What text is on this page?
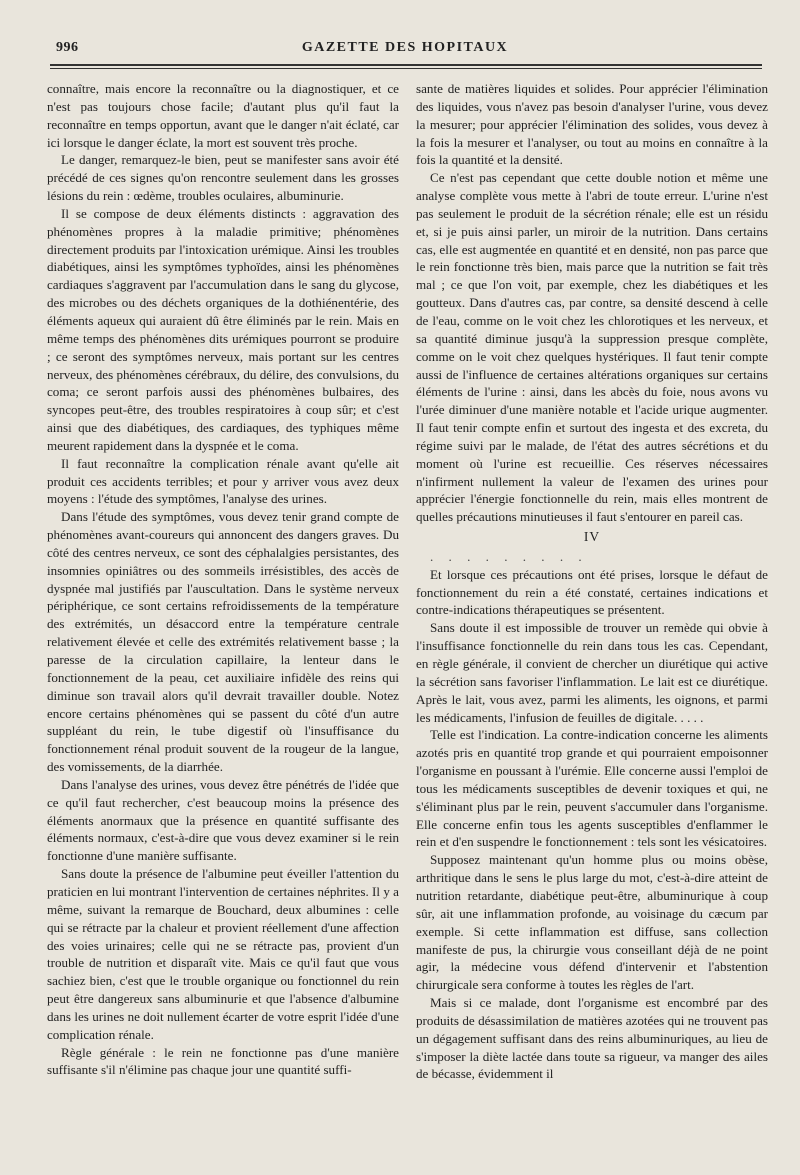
996	GAZETTE DES HOPITAUX

connaître, mais encore la reconnaître ou la diagnostiquer, et ce n'est pas toujours chose facile; d'autant plus qu'il faut la reconnaître en temps opportun, avant que le danger n'ait éclaté, car ici lorsque le danger éclate, la mort est souvent très proche.

Le danger, remarquez-le bien, peut se manifester sans avoir été précédé de ces signes qu'on rencontre seulement dans les grosses lésions du rein : œdème, troubles oculaires, albuminurie.

Il se compose de deux éléments distincts : aggravation des phénomènes propres à la maladie primitive; phénomènes directement produits par l'intoxication urémique. Ainsi les troubles diabétiques, ainsi les symptômes typhoïdes, ainsi les phénomènes cardiaques s'aggravent par l'accumulation dans le sang du glycose, des microbes ou des déchets organiques de la dothiénentérie, des éléments aqueux qui auraient dû être éliminés par le rein. Mais en même temps des phénomènes dits urémiques pourront se produire ; ce seront des symptômes nerveux, mais portant sur les centres nerveux, des phénomènes cérébraux, du délire, des convulsions, du coma; ce seront parfois aussi des phénomènes bulbaires, des syncopes peut-être, des troubles respiratoires à coup sûr; et c'est ainsi que des diabétiques, des cardiaques, des typhiques même meurent rapidement dans la dyspnée et le coma.

Il faut reconnaître la complication rénale avant qu'elle ait produit ces accidents terribles; et pour y arriver vous avez deux moyens : l'étude des symptômes, l'analyse des urines.

Dans l'étude des symptômes, vous devez tenir grand compte de phénomènes avant-coureurs qui annoncent des dangers graves. Du côté des centres nerveux, ce sont des céphalalgies persistantes, des insomnies opiniâtres ou des sommeils irrésistibles, des accès de dyspnée mal justifiés par l'auscultation. Dans le système nerveux périphérique, ce sont certains refroidissements de la température des extrémités, un désaccord entre la température centrale relativement élevée et celle des extrémités relativement basse ; la paresse de la circulation capillaire, la lenteur dans le fonctionnement de la peau, cet auxiliaire infidèle des reins qui diminue son travail alors qu'il devrait travailler double. Notez encore certains phénomènes qui se passent du côté d'un autre suppléant du rein, le tube digestif où l'insuffisance du fonctionnement rénal produit souvent de la rougeur de la langue, des vomissements, de la diarrhée.

Dans l'analyse des urines, vous devez être pénétrés de l'idée que ce qu'il faut rechercher, c'est beaucoup moins la présence des éléments anormaux que la présence en quantité suffisante des éléments normaux, c'est-à-dire que vous devez examiner si le rein fonctionne d'une manière suffisante.

Sans doute la présence de l'albumine peut éveiller l'attention du praticien en lui montrant l'intervention de certaines néphrites. Il y a même, suivant la remarque de Bouchard, deux albumines : celle qui se rétracte par la chaleur et provient réellement d'une affection des voies urinaires; celle qui ne se rétracte pas, provient d'un trouble de nutrition et disparaît vite. Mais ce qu'il faut que vous sachiez bien, c'est que le trouble organique ou fonctionnel du rein peut être dangereux sans albuminurie et que l'absence d'albumine dans les urines ne doit nullement écarter de votre esprit l'idée d'une complication rénale.

Règle générale : le rein ne fonctionne pas d'une manière suffisante s'il n'élimine pas chaque jour une quantité suffi-

sante de matières liquides et solides. Pour apprécier l'élimination des liquides, vous n'avez pas besoin d'analyser l'urine, vous devez la mesurer; pour apprécier l'élimination des solides, vous devez à la fois la mesurer et l'analyser, ou tout au moins en connaître à la fois la quantité et la densité.

Ce n'est pas cependant que cette double notion et même une analyse complète vous mette à l'abri de toute erreur. L'urine n'est pas seulement le produit de la sécrétion rénale; elle est un résidu et, si je puis ainsi parler, un miroir de la nutrition. Dans certains cas, elle est augmentée en quantité et en densité, non pas parce que le rein fonctionne très bien, mais parce que la nutrition se fait très mal ; ce que l'on voit, par exemple, chez les diabétiques et les goutteux. Dans d'autres cas, par contre, sa densité descend à celle de l'eau, comme on le voit chez les chlorotiques et les nerveux, et sa quantité diminue jusqu'à la suppression presque complète, comme on le voit chez quelques hystériques. Il faut tenir compte aussi de l'influence de certaines altérations organiques sur certains éléments de l'urine : ainsi, dans les abcès du foie, nous avons vu l'urée diminuer d'une manière notable et l'acide urique augmenter. Il faut tenir compte enfin et surtout des ingesta et des excreta, du régime suivi par le malade, de l'état des autres sécrétions et du moment où l'urine est recueillie. Ces réserves nécessaires n'infirment nullement la valeur de l'examen des urines pour apprécier l'énergie fonctionnelle du rein, mais elles montrent de quelles précautions minutieuses il faut s'entourer en pareil cas.

IV

. . . . . . . . .

Et lorsque ces précautions ont été prises, lorsque le défaut de fonctionnement du rein a été constaté, certaines indications et contre-indications thérapeutiques se présentent.

Sans doute il est impossible de trouver un remède qui obvie à l'insuffisance fonctionnelle du rein dans tous les cas. Cependant, en règle générale, il convient de chercher un diurétique qui active la sécrétion sans favoriser l'inflammation. Le lait est ce diurétique. Après le lait, vous avez, parmi les aliments, les oignons, et parmi les médicaments, l'infusion de feuilles de digitale. . . . .

Telle est l'indication. La contre-indication concerne les aliments azotés pris en quantité trop grande et qui pourraient empoisonner l'organisme en poussant à l'urémie. Elle concerne aussi l'emploi de tous les médicaments susceptibles de devenir toxiques et qui, ne s'éliminant plus par le rein, peuvent s'accumuler dans l'organisme. Elle concerne enfin tous les agents susceptibles d'enflammer le rein et d'en suspendre le fonctionnement : tels sont les vésicatoires.

Supposez maintenant qu'un homme plus ou moins obèse, arthritique dans le sens le plus large du mot, c'est-à-dire atteint de nutrition retardante, diabétique peut-être, albuminurique à coup sûr, ait une inflammation profonde, au voisinage du cæcum par exemple. Si cette inflammation est diffuse, sans collection manifeste de pus, la chirurgie vous conseillant déjà de ne point agir, la médecine vous défend d'intervenir et l'abstention chirurgicale sera conforme à toutes les règles de l'art.

Mais si ce malade, dont l'organisme est encombré par des produits de désassimilation de matières azotées qui ne trouvent pas un dégagement suffisant dans des reins albuminuriques, au lieu de s'imposer la diète lactée dans toute sa rigueur, va manger des ailes de bécasse, évidemment il
